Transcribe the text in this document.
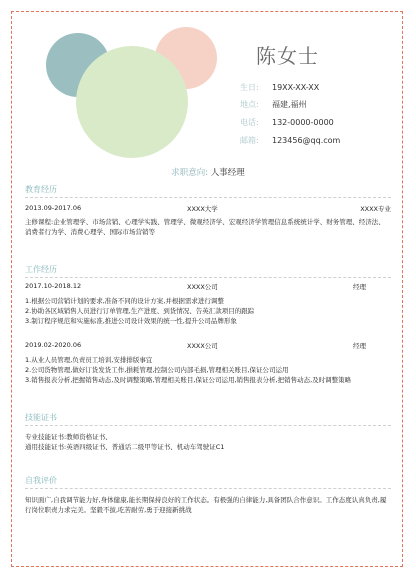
陈女士
生日: 19XX-XX-XX
地点: 福建,福州
电话: 132-0000-0000
邮箱: 123456@qq.com
求职意向: 人事经理
教育经历
2013.09-2017.06	XXXX大学	XXXX专业
主修课程:企业管理学、市场营销、心理学实践、管理学、微观经济学、宏观经济学管理信息系统统计学、财务管理、经济法、消费者行为学、消费心理学、国际市场营销等
工作经历
2017.10-2018.12	XXXX公司	经理
1.根据公司营销计划的要求,准备不同的设计方案,并根据需求进行调整
2.协助各区域销售人员进行订单管理,生产进度、到货情况、告英汇款项目的跟踪
3.制订程序规范和实施标准,推进公司设计效果的统一性,提升公司品牌形象
2019.02-2020.06	XXXX公司	经理
1.从业人员管理,负责员工培训,安排排版事宜
2.公司货物管理,做好订货发货工作,損耗管理,控制公司内部毛损,管理相关账目,保证公司运用
3.销售报表分析,把握销售动态,及时调整策略,管理相关账目,保证公司运用,销售报表分析,把销售动态,及时调整策略
技能证书
专业技能证书:教师资格证书、
通用技能证书:英语四级证书、普通话二级甲等证书、机动车驾驶证C1
自我评价
知识面广,自我调节能力好,身体健康,能长期保持良好的工作状态。有极强的自律能力,具备团队合作意识。工作态度认真负责,履行岗位职责力求完美。坚毅不拔,吃苦耐劳,勇于迎接新挑战
